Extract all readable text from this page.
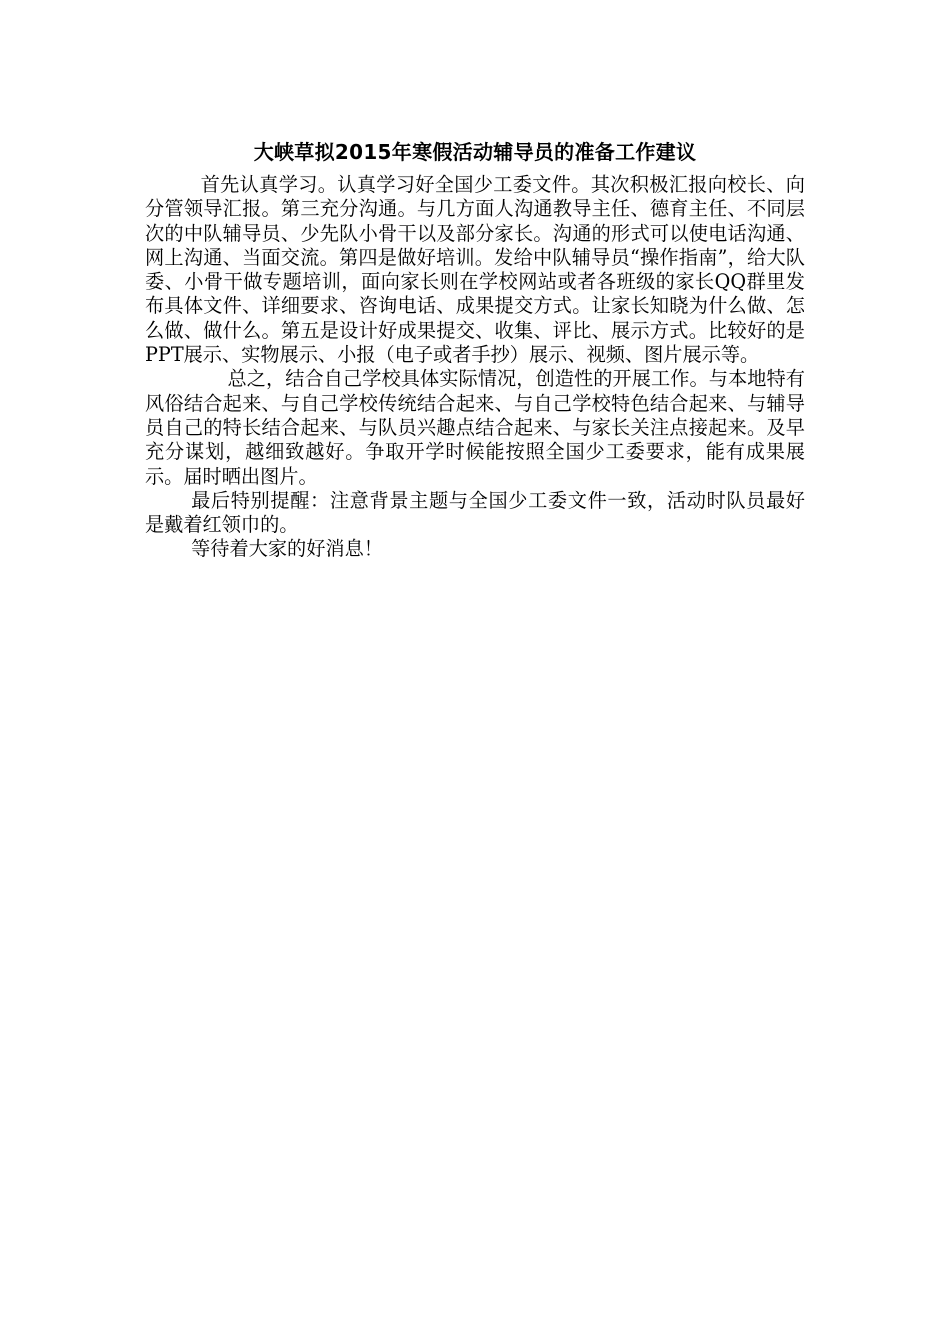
大峡草拟2015年寒假活动辅导员的准备工作建议

首先认真学习。认真学习好全国少工委文件。其次积极汇报向校长、向分管领导汇报。第三充分沟通。与几方面人沟通教导主任、德育主任、不同层次的中队辅导员、少先队小骨干以及部分家长。沟通的形式可以使电话沟通、网上沟通、当面交流。第四是做好培训。发给中队辅导员“操作指南”，给大队委、小骨干做专题培训，面向家长则在学校网站或者各班级的家长QQ群里发布具体文件、详细要求、咨询电话、成果提交方式。让家长知晓为什么做、怎么做、做什么。第五是设计好成果提交、收集、评比、展示方式。比较好的是PPT展示、实物展示、小报（电子或者手抄）展示、视频、图片展示等。

总之，结合自己学校具体实际情况，创造性的开展工作。与本地特有风俗结合起来、与自己学校传统结合起来、与自己学校特色结合起来、与辅导员自己的特长结合起来、与队员兴趣点结合起来、与家长关注点接起来。及早充分谋划，越细致越好。争取开学时候能按照全国少工委要求，能有成果展示。届时晒出图片。

最后特别提醒：注意背景主题与全国少工委文件一致，活动时队员最好是戴着红领巾的。

等待着大家的好消息！
